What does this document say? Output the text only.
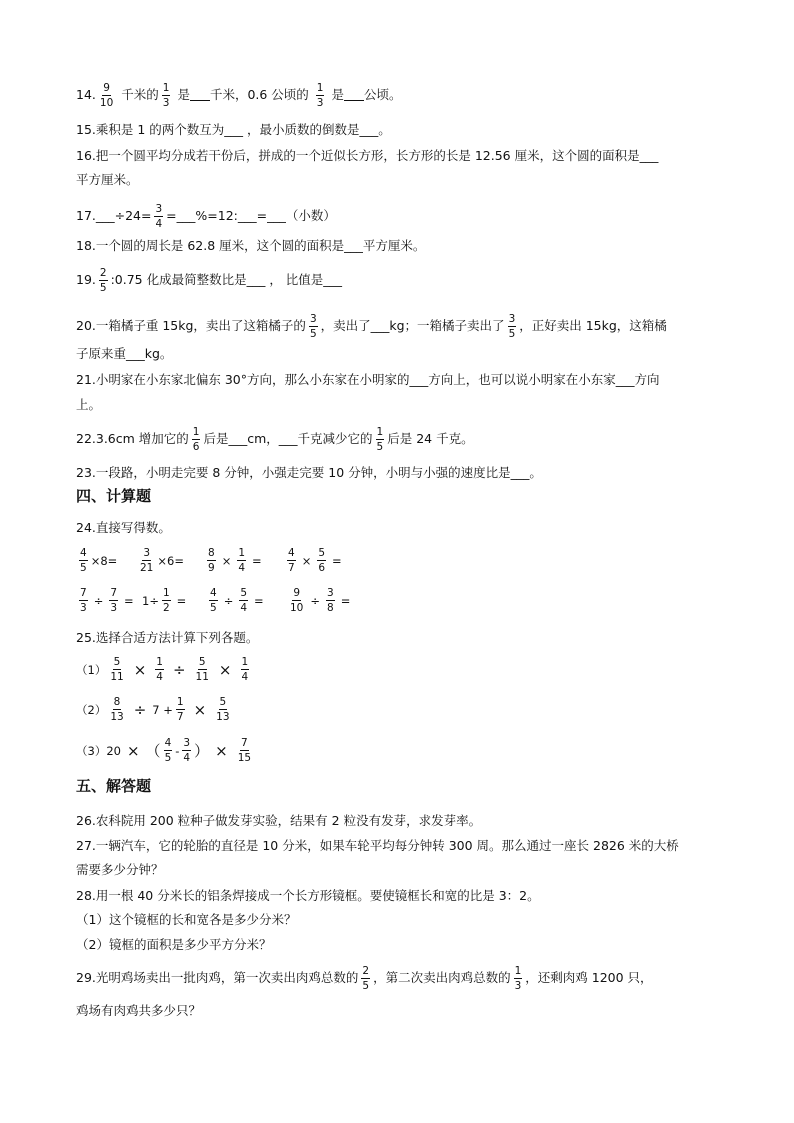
14. $\frac{9}{10}$ 千米的 $\frac{1}{3}$ 是 千米，0.6 公顷的 $\frac{1}{3}$ 是 公顷。
15.乘积是 1 的两个数互为___ ，最小质数的倒数是___。
16.把一个圆平均分成若干份后，拼成的一个近似长方形，长方形的长是 12.56 厘米，这个圆的面积是___
平方厘米。
17.___÷24= $\frac{3}{4}$ =___%=12:___=___（小数）
18.一个圆的周长是 62.8 厘米，这个圆的面积是___平方厘米。
19. $\frac{2}{5}$ :0.75 化成最简整数比是___ ， 比值是___
20.一箱橘子重 15kg，卖出了这箱橘子的 $\frac{3}{5}$ ，卖出了___kg；一箱橘子卖出了 $\frac{3}{5}$ ，正好卖出 15kg，这箱橘
子原来重___kg。
21.小明家在小东家北偏东 30°方向，那么小东家在小明家的___方向上，也可以说小明家在小东家___方向
上。
22.3.6cm 增加它的 $\frac{1}{6}$ 后是___cm，___千克减少它的 $\frac{1}{5}$ 后是 24 千克。
23.一段路，小明走完要 8 分钟，小强走完要 10 分钟，小明与小强的速度比是___。
四、计算题
24.直接写得数。
$\frac{4}{5} \times 8= \frac{3}{21} \times 6= \frac{8}{9} \times \frac{1}{4} = \frac{4}{7} \times \frac{5}{6}$ =
$\frac{7}{3} \div \frac{7}{3} = 1\div \frac{1}{2} = \frac{4}{5} \div \frac{5}{4} = \frac{9}{10} \div \frac{3}{8}$ =
25.选择合适方法计算下列各题。
$(1) \frac{5}{11} \times \frac{1}{4} \div \frac{5}{11} \times \frac{1}{4}$
$(2) \frac{8}{13} \div 7 + \frac{1}{7} \times \frac{5}{13}$
（3） 20 × （ $\frac{4}{5} - \frac{3}{4}$ ） × $\frac{7}{15}$
五、解答题
26.农科院用 200 粒种子做发芽实验，结果有 2 粒没有发芽，求发芽率。
27.一辆汽车，它的轮胎的直径是 10 分米，如果车轮平均每分钟转 300 周。那么通过一座长 2826 米的大桥
需要多少分钟？
28.用一根 40 分米长的铝条焊接成一个长方形镜框。要使镜框长和宽的比是 3：2。
（1）这个镜框的长和宽各是多少分米？
（2）镜框的面积是多少平方分米？
29.光明鸡场卖出一批肉鸡，第一次卖出肉鸡总数的 $\frac{2}{5}$ ，第二次卖出肉鸡总数的 $\frac{1}{3}$ ，还剩肉鸡 1200 只，
鸡场有肉鸡共多少只？
